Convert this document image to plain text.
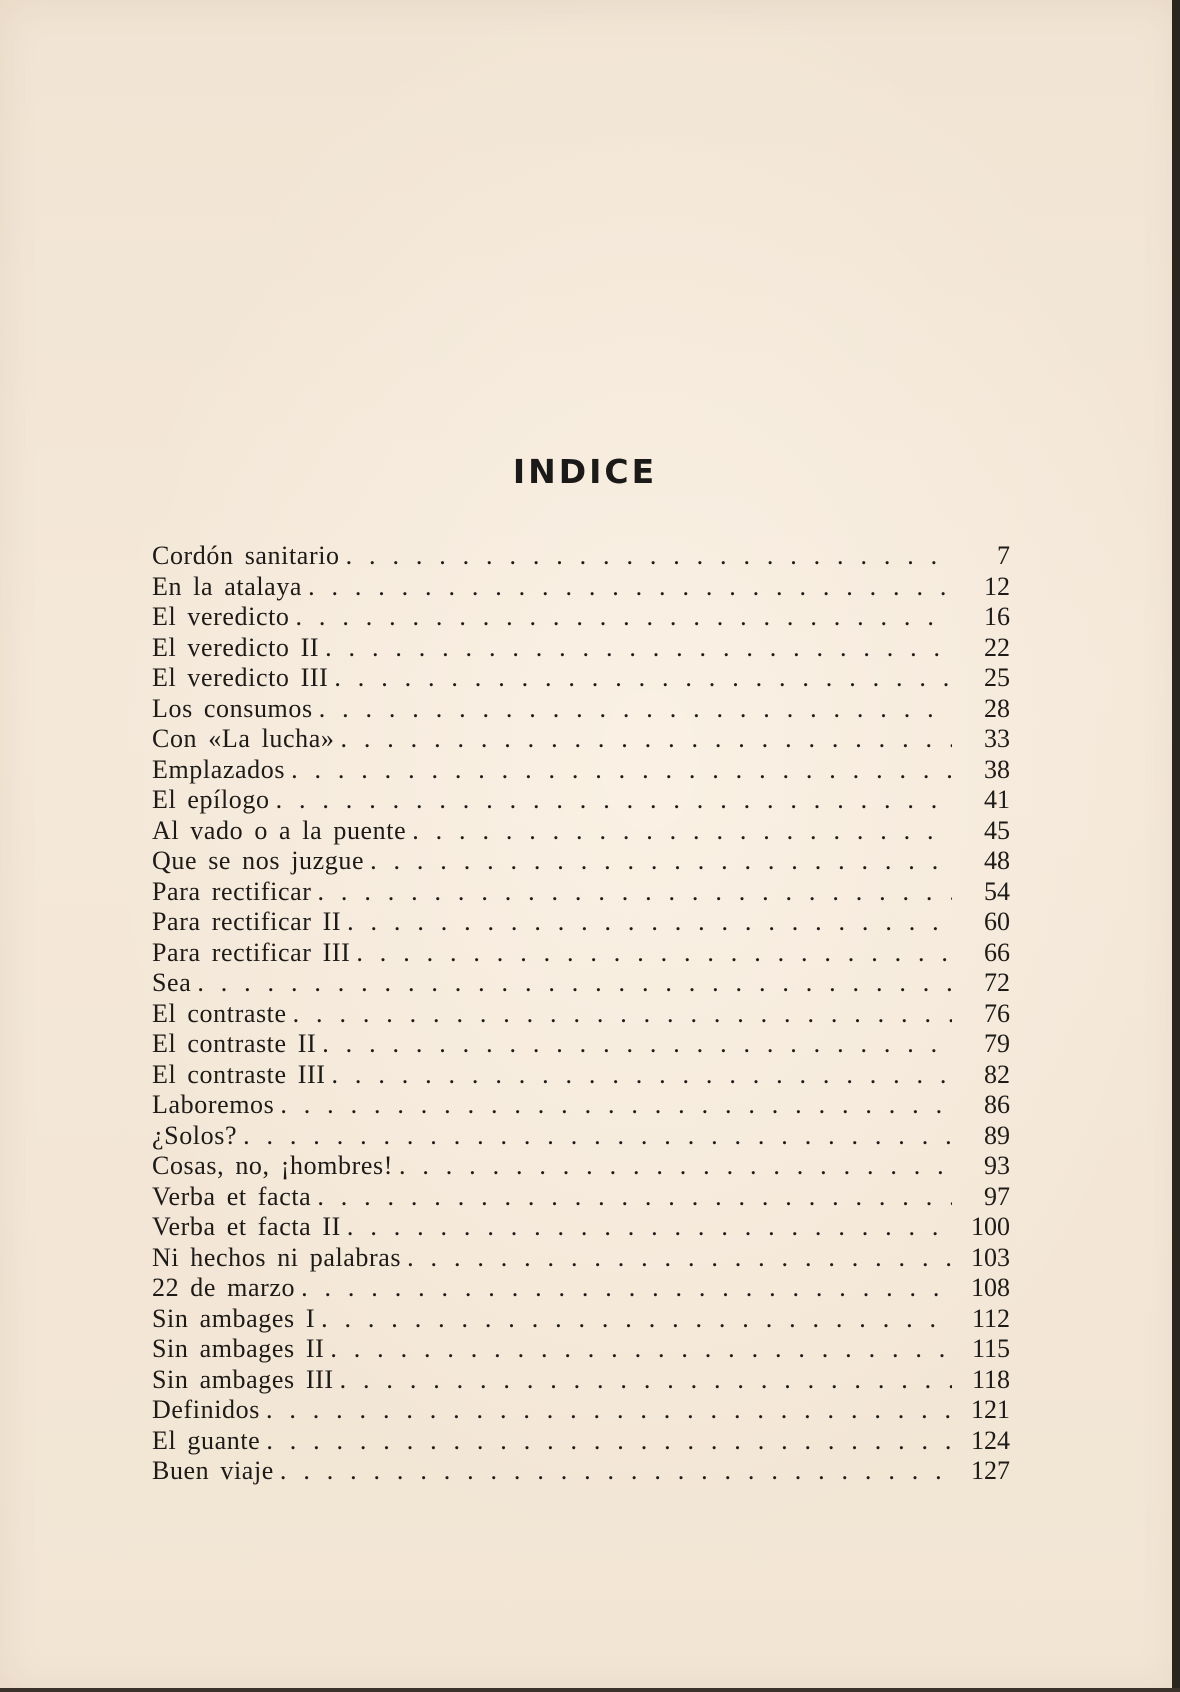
INDICE
Cordón sanitario . . .	7
En la atalaya . . .	12
El veredicto . . .	16
El veredicto II . . .	22
El veredicto III . . .	25
Los consumos . . .	28
Con «La lucha» . . .	33
Emplazados . . .	38
El epílogo . . .	41
Al vado o a la puente . . .	45
Que se nos juzgue . . .	48
Para rectificar . . .	54
Para rectificar II . . .	60
Para rectificar III . . .	66
Sea . . .	72
El contraste . . .	76
El contraste II . . .	79
El contraste III . . .	82
Laboremos . . .	86
¿Solos? . . .	89
Cosas, no, ¡hombres! . . .	93
Verba et facta . . .	97
Verba et facta II . . .	100
Ni hechos ni palabras . . .	103
22 de marzo . . .	108
Sin ambages I . . .	112
Sin ambages II . . .	115
Sin ambages III . . .	118
Definidos . . .	121
El guante . . .	124
Buen viaje . . .	127
